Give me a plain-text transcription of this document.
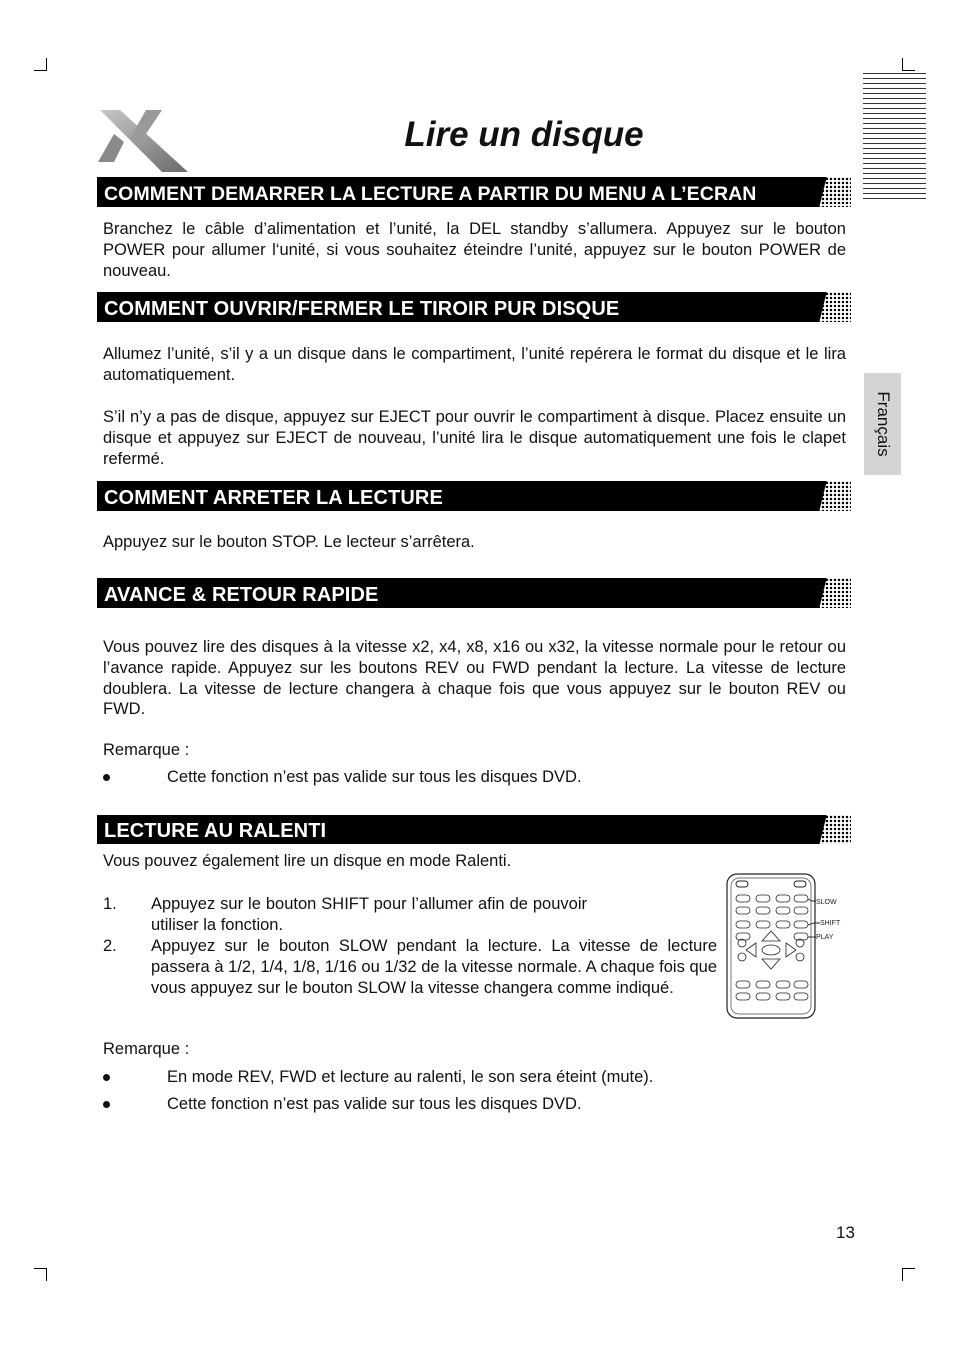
Français
Lire un disque
COMMENT DEMARRER LA LECTURE A PARTIR DU MENU A L’ECRAN
Branchez le câble d’alimentation et l’unité, la DEL standby s’allumera. Appuyez sur le bouton POWER pour allumer l‘unité, si vous souhaitez éteindre l’unité, appuyez sur le bouton POWER de nouveau.
COMMENT OUVRIR/FERMER LE TIROIR PUR DISQUE
Allumez l’unité, s’il y a un disque dans le compartiment, l’unité repérera le format du disque et le lira automatiquement.
S’il n’y a pas de disque, appuyez sur EJECT pour ouvrir le compartiment à disque. Placez ensuite un disque et appuyez sur EJECT de nouveau, l’unité lira le disque automatiquement une fois le clapet refermé.
COMMENT ARRETER LA LECTURE
Appuyez sur le bouton STOP. Le lecteur s’arrêtera.
AVANCE & RETOUR RAPIDE
Vous pouvez lire des disques à la vitesse x2, x4, x8, x16 ou x32, la vitesse normale pour le retour ou l’avance rapide. Appuyez sur les boutons REV ou FWD pendant la lecture. La vitesse de lecture doublera. La vitesse de lecture changera à chaque fois que vous appuyez sur le bouton REV ou FWD.
Remarque :
Cette fonction n’est pas valide sur tous les disques DVD.
LECTURE AU RALENTI
Vous pouvez également lire un disque en mode Ralenti.
1. Appuyez sur le bouton SHIFT pour l’allumer afin de pouvoir utiliser la fonction.
2. Appuyez sur le bouton SLOW pendant la lecture. La vitesse de lecture passera à 1/2, 1/4, 1/8, 1/16 ou 1/32 de la vitesse normale. A chaque fois que vous appuyez sur le bouton SLOW la vitesse changera comme indiqué.
SLOW
SHIFT
PLAY
Remarque :
En mode REV, FWD et lecture au ralenti, le son sera éteint (mute).
Cette fonction n’est pas valide sur tous les disques DVD.
13
